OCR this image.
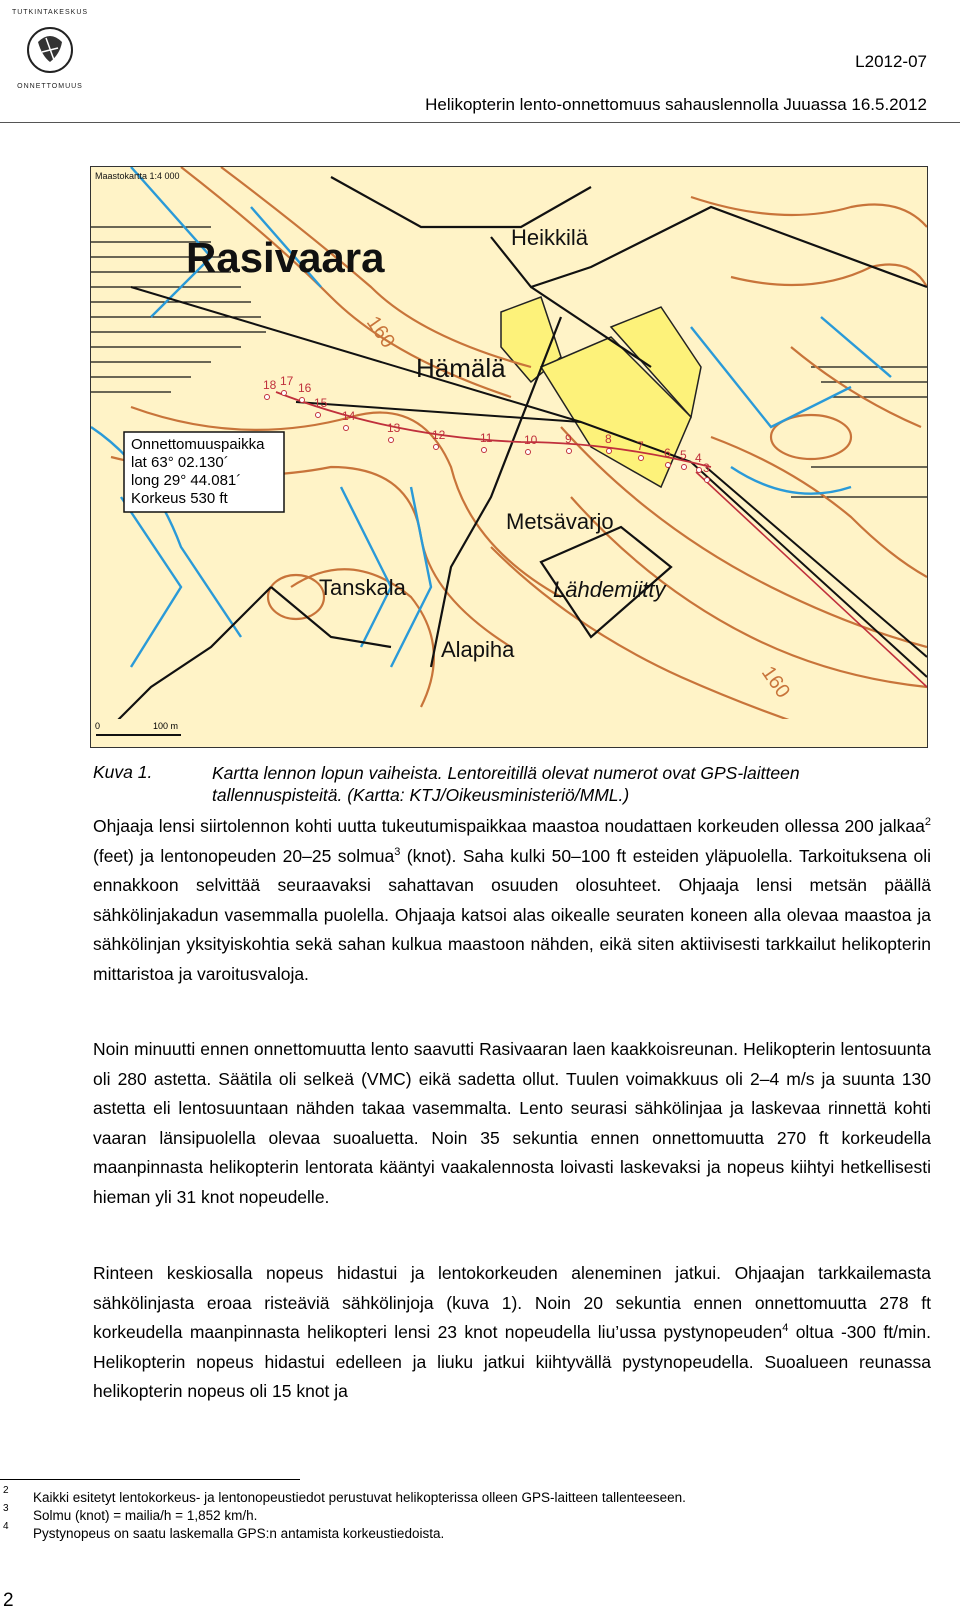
ONNETTOMUUS
TUTKINTAKESKUS
L2012-07
Helikopterin lento-onnettomuus sahauslennolla Juuassa 16.5.2012
18 17 16
15
14
13	12	11	10 9	8 7 6 5 4
3
Rasivaara	Heikkilä
Hämälä
Metsävarjo
Tanskala	Lähdemiitty
Alapiha
160
160
Maastokartta 1:4 000
Onnettomuuspaikka
lat 63° 02.130´
long 29° 44.081´
Korkeus 530 ft
0	100 m
Kuva 1.	Kartta lennon lopun vaiheista. Lentoreitillä olevat numerot ovat GPS-laitteen tallennuspisteitä. (Kartta: KTJ/Oikeusministeriö/MML.)
Ohjaaja lensi siirtolennon kohti uutta tukeutumispaikkaa maastoa noudattaen korkeuden ollessa 200 jalkaa$^2$ (feet) ja lentonopeuden 20–25 solmua$^3$ (knot). Saha kulki 50–100 ft esteiden yläpuolella. Tarkoituksena oli ennakkoon selvittää seuraavaksi sahattavan osuuden olosuhteet. Ohjaaja lensi metsän päällä sähkölinjakadun vasemmalla puolella. Ohjaaja katsoi alas oikealle seuraten koneen alla olevaa maastoa ja sähkölinjan yksityiskohtia sekä sahan kulkua maastoon nähden, eikä siten aktiivisesti tarkkailut helikopterin mittaristoa ja varoitusvaloja.
Noin minuutti ennen onnettomuutta lento saavutti Rasivaaran laen kaakkoisreunan. Helikopterin lentosuunta oli 280 astetta. Säätila oli selkeä (VMC) eikä sadetta ollut. Tuulen voimakkuus oli 2–4 m/s ja suunta 130 astetta eli lentosuuntaan nähden takaa vasemmalta. Lento seurasi sähkölinjaa ja laskevaa rinnettä kohti vaaran länsipuolella olevaa suoaluetta. Noin 35 sekuntia ennen onnettomuutta 270 ft korkeudella maanpinnasta helikopterin lentorata kääntyi vaakalennosta loivasti laskevaksi ja nopeus kiihtyi hetkellisesti hieman yli 31 knot nopeudelle.
Rinteen keskiosalla nopeus hidastui ja lentokorkeuden aleneminen jatkui. Ohjaajan tarkkailemasta sähkölinjasta eroaa risteäviä sähkölinjoja (kuva 1). Noin 20 sekuntia ennen onnettomuutta 278 ft korkeudella maanpinnasta helikopteri lensi 23 knot nopeudella liu’ussa pystynopeuden$^4$ oltua -300 ft/min. Helikopterin nopeus hidastui edelleen ja liuku jatkui kiihtyvällä pystynopeudella. Suoalueen reunassa helikopterin nopeus oli 15 knot ja
2 Kaikki esitetyt lentokorkeus- ja lentonopeustiedot perustuvat helikopterissa olleen GPS-laitteen tallenteeseen.
3 Solmu (knot) = mailia/h = 1,852 km/h.
4 Pystynopeus on saatu laskemalla GPS:n antamista korkeustiedoista.
2
